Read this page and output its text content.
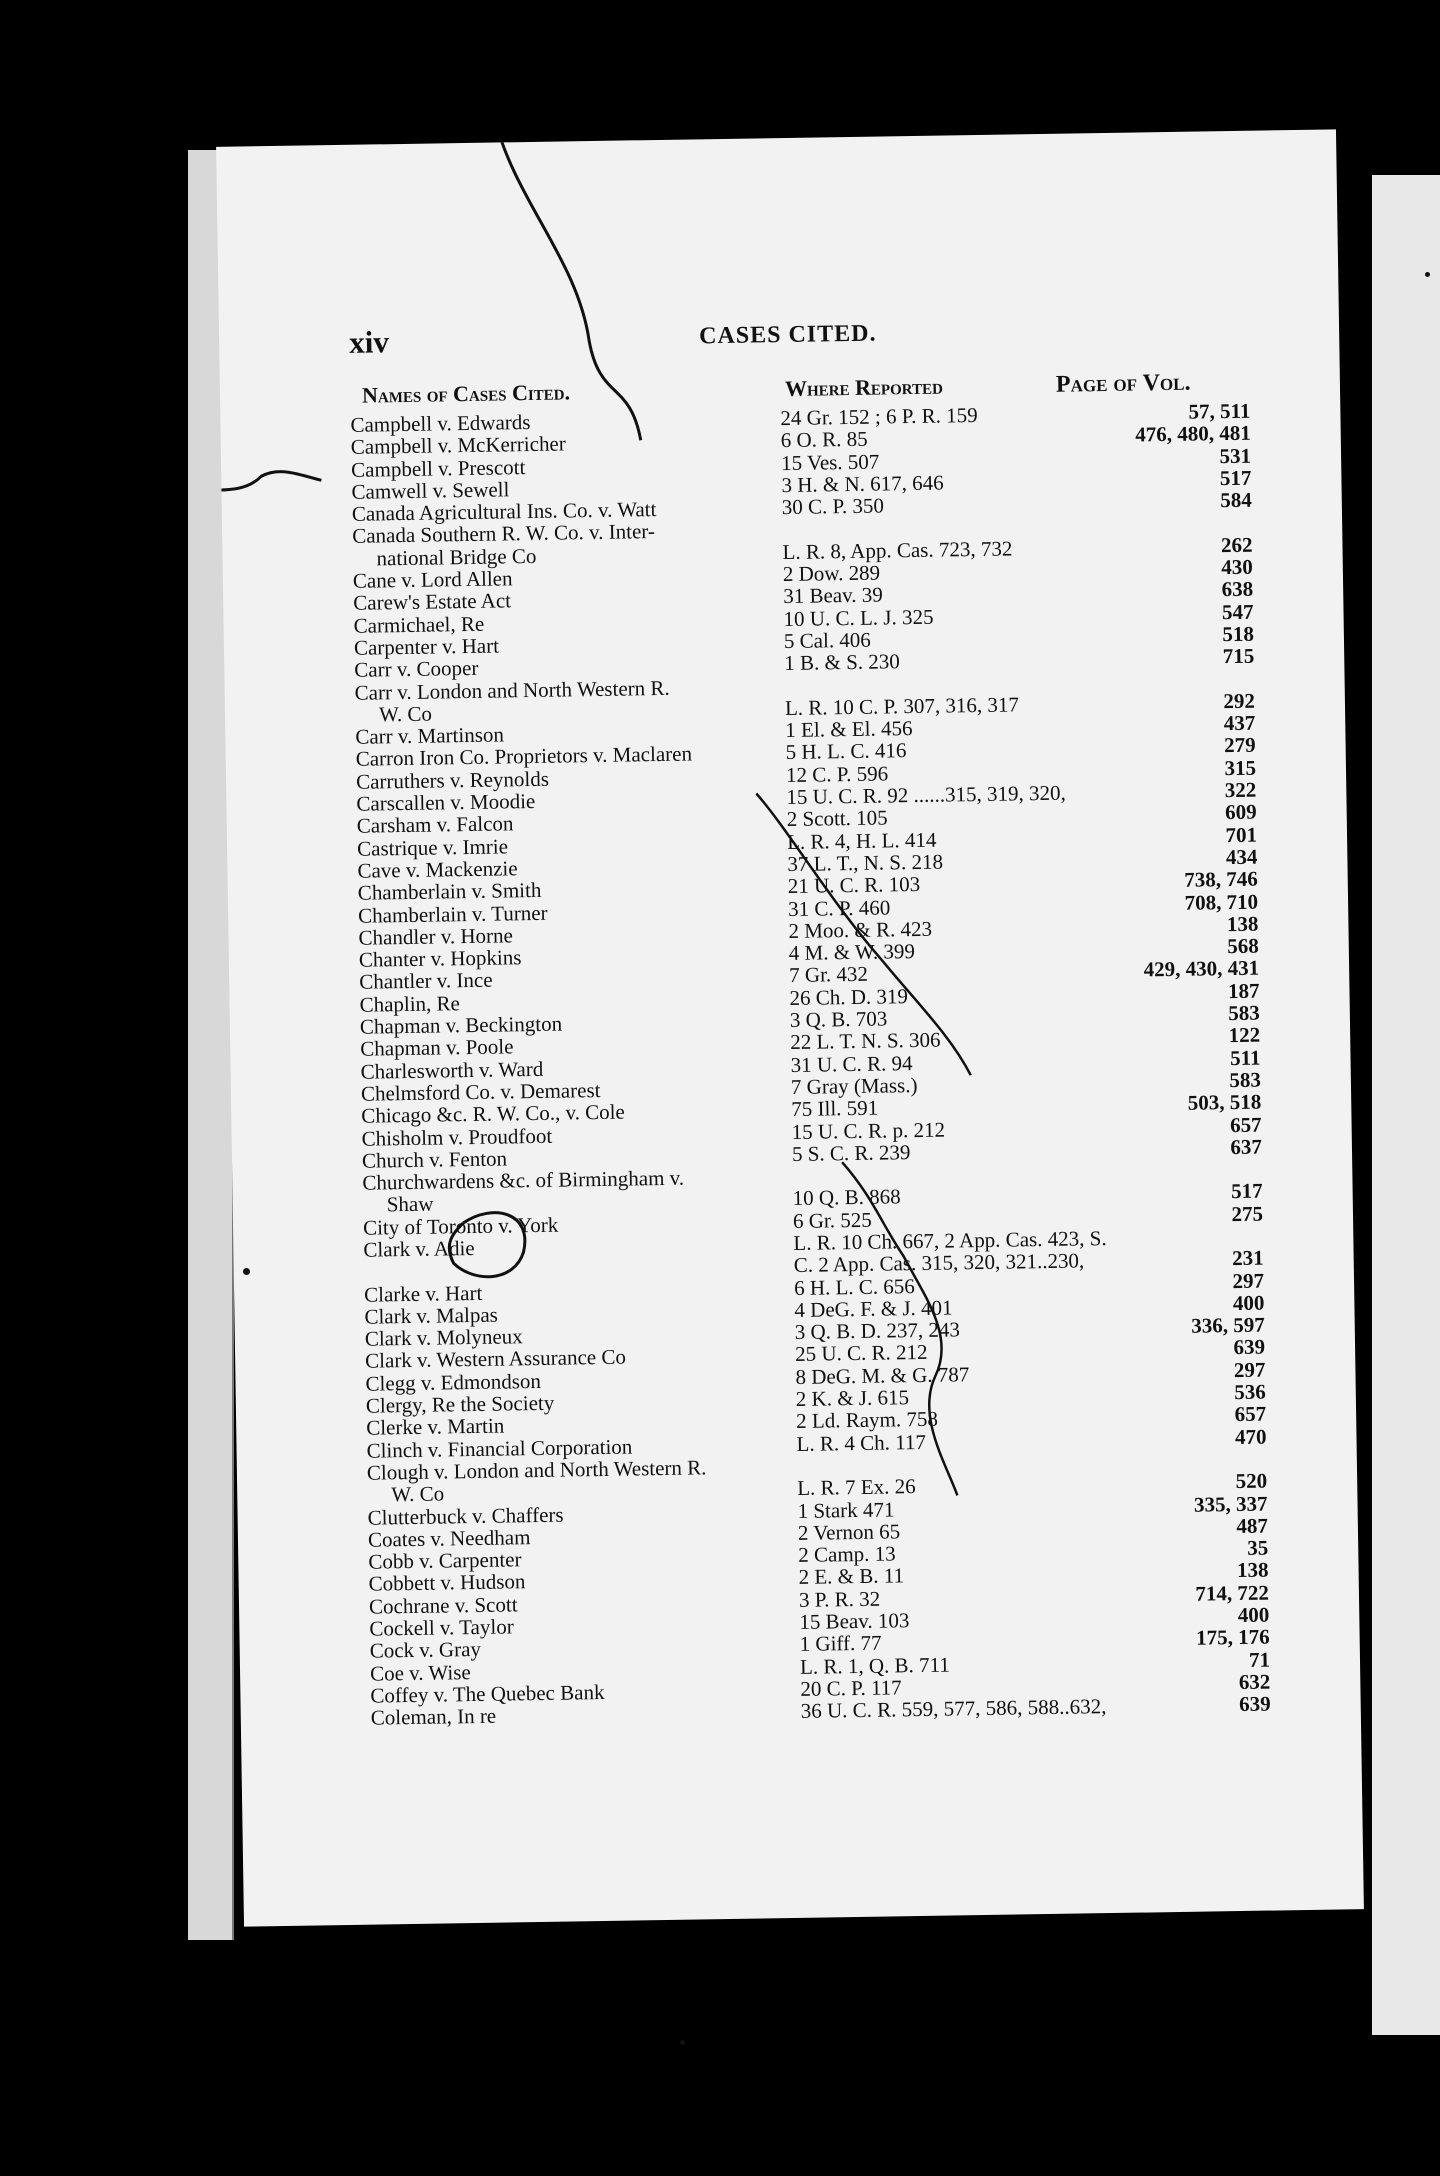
xiv	CASES CITED.
Names of Cases Cited.	Where Reported	Page of Vol.
Campbell v. Edwards	24 Gr. 152 ; 6 P. R. 159	57, 511
Campbell v. McKerricher	6 O. R. 85	476, 480, 481
Campbell v. Prescott	15 Ves. 507	531
Camwell v. Sewell	3 H. & N. 617, 646	517
Canada Agricultural Ins. Co. v. Watt	30 C. P. 350	584
Canada Southern R. W. Co. v. Inter-
national Bridge Co	L. R. 8, App. Cas. 723, 732	262
Cane v. Lord Allen	2 Dow. 289	430
Carew's Estate Act	31 Beav. 39	638
Carmichael, Re	10 U. C. L. J. 325	547
Carpenter v. Hart	5 Cal. 406	518
Carr v. Cooper	1 B. & S. 230	715
Carr v. London and North Western R.
W. Co	L. R. 10 C. P. 307, 316, 317	292
Carr v. Martinson	1 El. & El. 456	437
Carron Iron Co. Proprietors v. Maclaren	5 H. L. C. 416	279
Carruthers v. Reynolds	12 C. P. 596	315
Carscallen v. Moodie	15 U. C. R. 92 ......315, 319, 320,	322
Carsham v. Falcon	2 Scott. 105	609
Castrique v. Imrie	L. R. 4, H. L. 414	701
Cave v. Mackenzie	37 L. T., N. S. 218	434
Chamberlain v. Smith	21 U. C. R. 103	738, 746
Chamberlain v. Turner	31 C. P. 460	708, 710
Chandler v. Horne	2 Moo. & R. 423	138
Chanter v. Hopkins	4 M. & W. 399	568
Chantler v. Ince	7 Gr. 432	429, 430, 431
Chaplin, Re	26 Ch. D. 319	187
Chapman v. Beckington	3 Q. B. 703	583
Chapman v. Poole	22 L. T. N. S. 306	122
Charlesworth v. Ward	31 U. C. R. 94	511
Chelmsford Co. v. Demarest	7 Gray (Mass.)	583
Chicago &c. R. W. Co., v. Cole	75 Ill. 591	503, 518
Chisholm v. Proudfoot	15 U. C. R. p. 212	657
Church v. Fenton	5 S. C. R. 239	637
Churchwardens &c. of Birmingham v.
Shaw	10 Q. B. 868	517
City of Toronto v. York	6 Gr. 525	275
Clark v. Adie	L. R. 10 Ch. 667, 2 App. Cas. 423, S.
C. 2 App. Cas. 315, 320, 321..230,	231
Clarke v. Hart	6 H. L. C. 656	297
Clark v. Malpas	4 DeG. F. & J. 401	400
Clark v. Molyneux	3 Q. B. D. 237, 243	336, 597
Clark v. Western Assurance Co	25 U. C. R. 212	639
Clegg v. Edmondson	8 DeG. M. & G. 787	297
Clergy, Re the Society	2 K. & J. 615	536
Clerke v. Martin	2 Ld. Raym. 758	657
Clinch v. Financial Corporation	L. R. 4 Ch. 117	470
Clough v. London and North Western R.
W. Co	L. R. 7 Ex. 26	520
Clutterbuck v. Chaffers	1 Stark 471	335, 337
Coates v. Needham	2 Vernon 65	487
Cobb v. Carpenter	2 Camp. 13	35
Cobbett v. Hudson	2 E. & B. 11	138
Cochrane v. Scott	3 P. R. 32	714, 722
Cockell v. Taylor	15 Beav. 103	400
Cock v. Gray	1 Giff. 77	175, 176
Coe v. Wise	L. R. 1, Q. B. 711	71
Coffey v. The Quebec Bank	20 C. P. 117	632
Coleman, In re	36 U. C. R. 559, 577, 586, 588..632,	639
